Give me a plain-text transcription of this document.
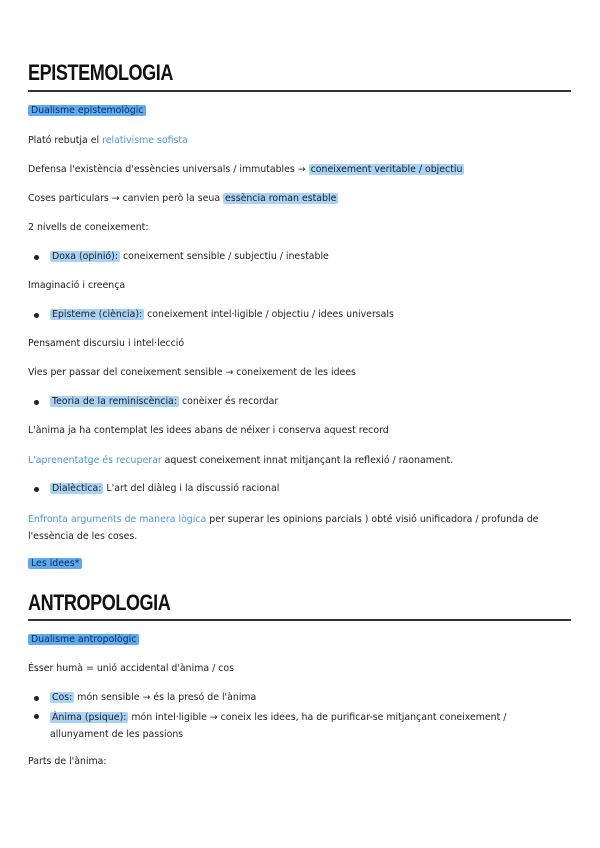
EPISTEMOLOGIA
Dualisme epistemològic
Plató rebutja el relativisme sofista
Defensa l'existència d'essències universals / immutables → coneixement veritable / objectiu
Coses particulars → canvien però la seua essència roman estable
2 nivells de coneixement:
Doxa (opinió): coneixement sensible / subjectiu / inestable
Imaginació i creença
Episteme (ciència): coneixement intel·ligible / objectiu / idees universals
Pensament discursiu i intel·lecció
Vies per passar del coneixement sensible → coneixement de les idees
Teoria de la reminiscència: conèixer és recordar
L'ànima ja ha contemplat les idees abans de néixer i conserva aquest record
L'aprenentatge és recuperar aquest coneixement innat mitjançant la reflexió / raonament.
Dialèctica: L'art del diàleg i la discussió racional
Enfronta arguments de manera lògica per superar les opinions parcials ) obté visió unificadora / profunda de l'essència de les coses.
Les idees*
ANTROPOLOGIA
Dualisme antropològic
Ésser humà = unió accidental d'ànima / cos
Cos: món sensible → és la presó de l'ànima
Ànima (psique): món intel·ligible → coneix les idees, ha de purificar-se mitjançant coneixement / allunyament de les passions
Parts de l'ànima:
